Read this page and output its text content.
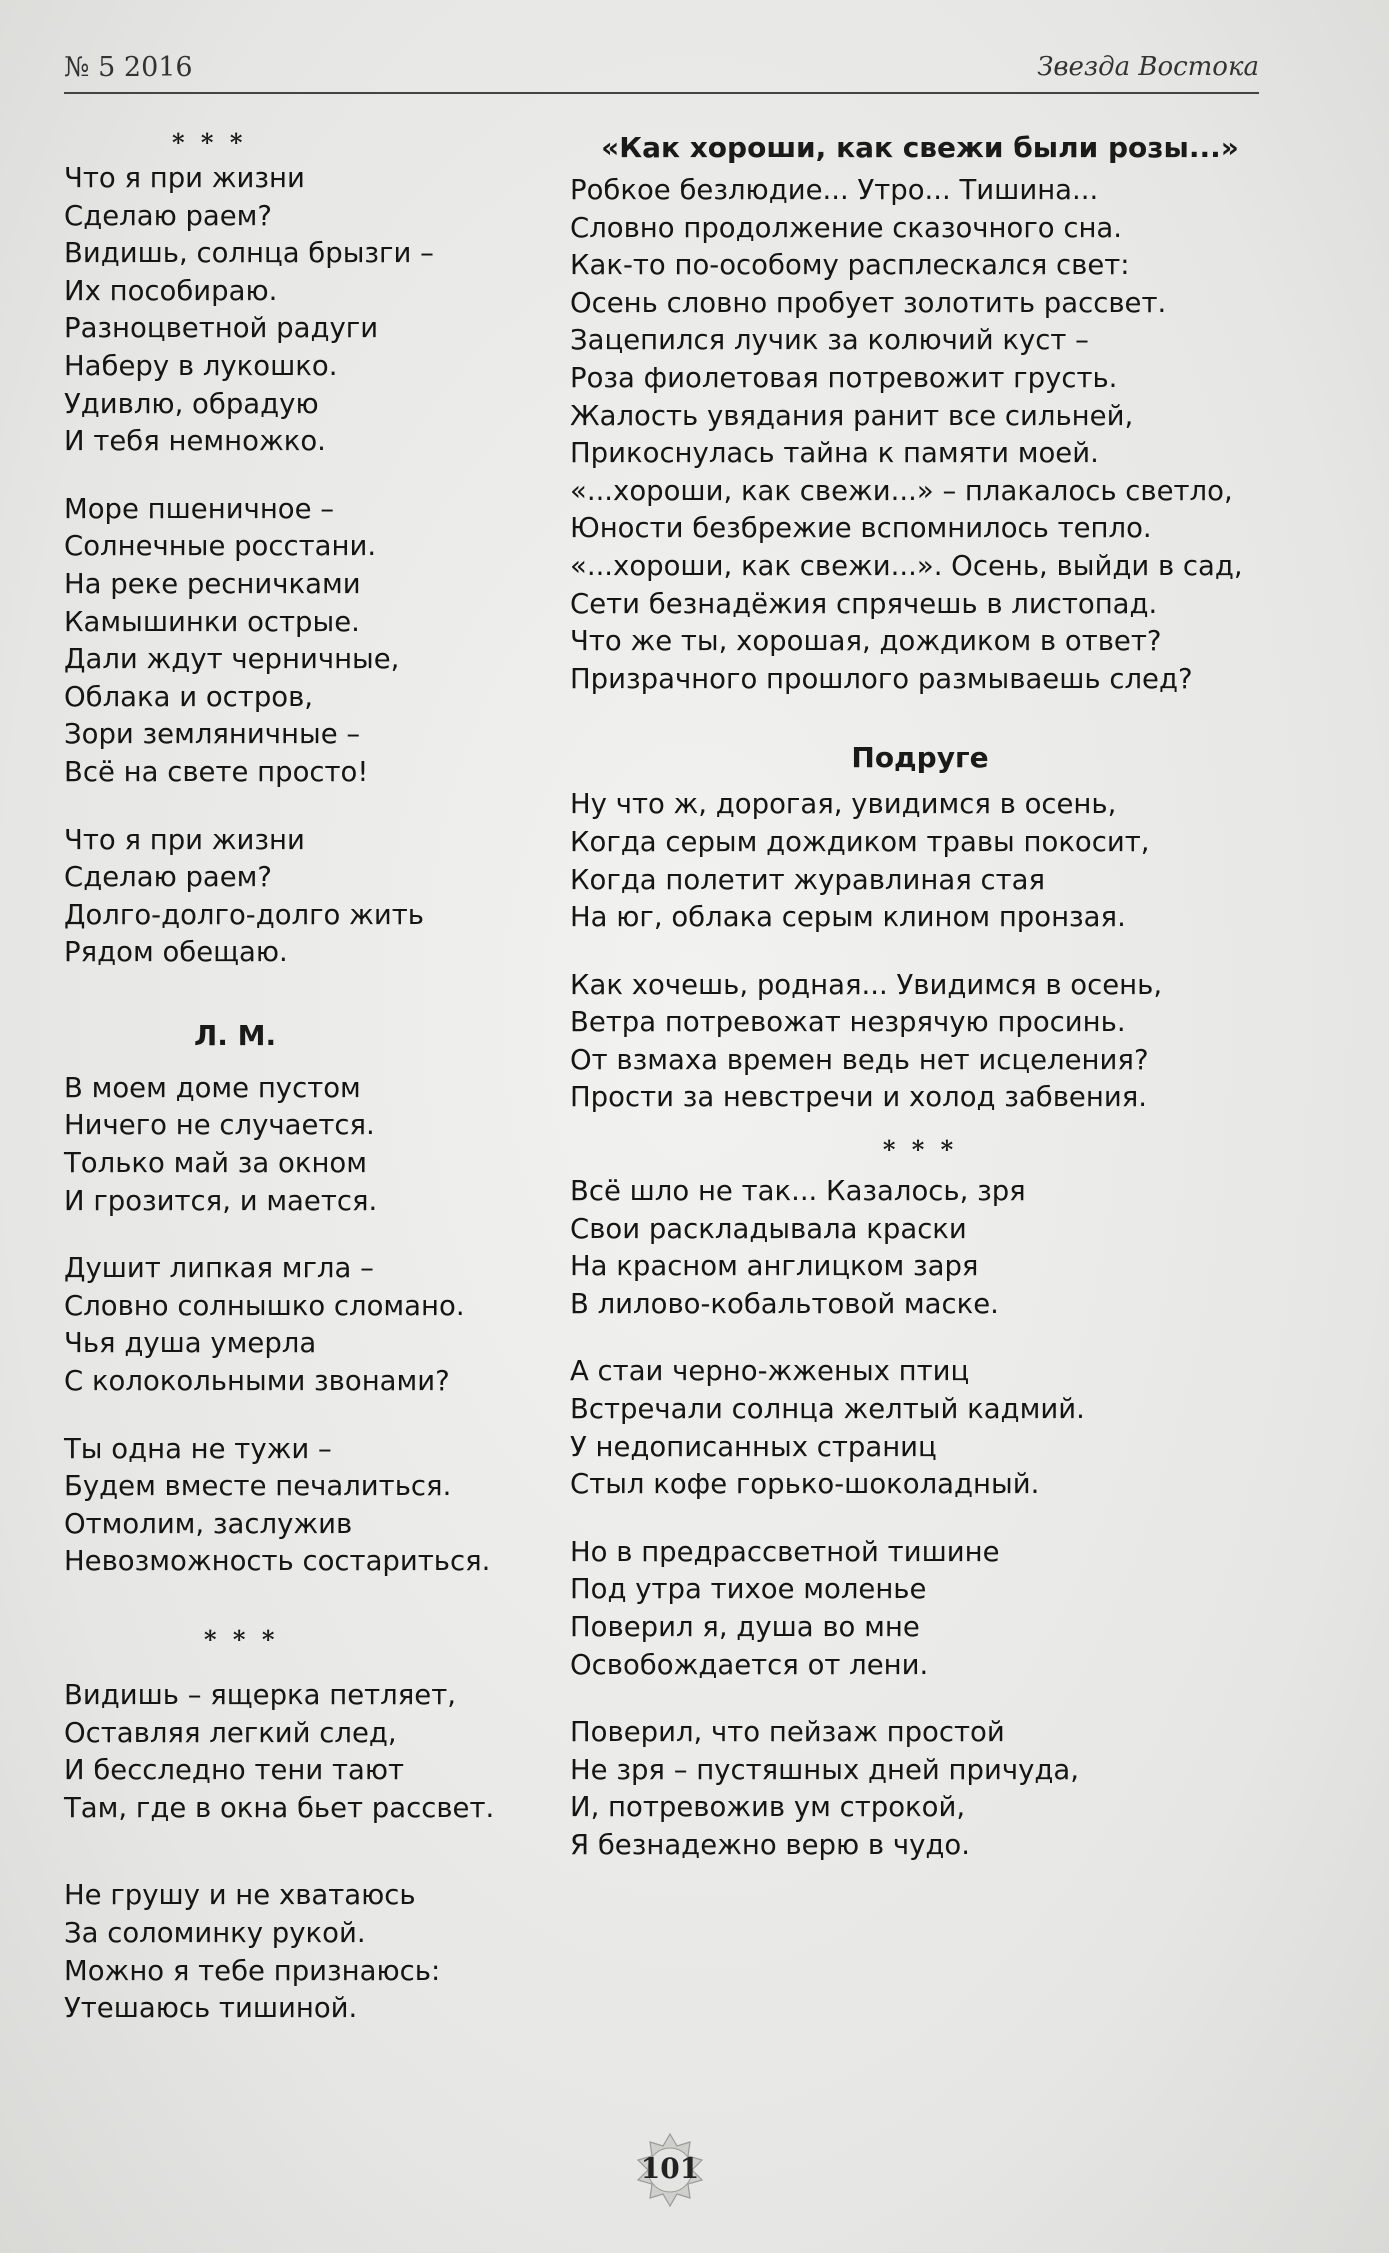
№ 5 2016	Звезда Востока
* * *
Что я при жизни
Сделаю раем?
Видишь, солнца брызги –
Их пособираю.
Разноцветной радуги
Наберу в лукошко.
Удивлю, обрадую
И тебя немножко.
Море пшеничное –
Солнечные росстани.
На реке ресничками
Камышинки острые.
Дали ждут черничные,
Облака и остров,
Зори земляничные –
Всё на свете просто!
Что я при жизни
Сделаю раем?
Долго-долго-долго жить
Рядом обещаю.
Л. М.
В моем доме пустом
Ничего не случается.
Только май за окном
И грозится, и мается.
Душит липкая мгла –
Словно солнышко сломано.
Чья душа умерла
С колокольными звонами?
Ты одна не тужи –
Будем вместе печалиться.
Отмолим, заслужив
Невозможность состариться.
* * *
Видишь – ящерка петляет,
Оставляя легкий след,
И бесследно тени тают
Там, где в окна бьет рассвет.
Не грушу и не хватаюсь
За соломинку рукой.
Можно я тебе признаюсь:
Утешаюсь тишиной.
«Как хороши, как свежи были розы...»
Робкое безлюдие... Утро... Тишина...
Словно продолжение сказочного сна.
Как-то по-особому расплескался свет:
Осень словно пробует золотить рассвет.
Зацепился лучик за колючий куст –
Роза фиолетовая потревожит грусть.
Жалость увядания ранит все сильней,
Прикоснулась тайна к памяти моей.
«...хороши, как свежи...» – плакалось светло,
Юности безбрежие вспомнилось тепло.
«...хороши, как свежи...». Осень, выйди в сад,
Сети безнадёжия спрячешь в листопад.
Что же ты, хорошая, дождиком в ответ?
Призрачного прошлого размываешь след?
Подруге
Ну что ж, дорогая, увидимся в осень,
Когда серым дождиком травы покосит,
Когда полетит журавлиная стая
На юг, облака серым клином пронзая.
Как хочешь, родная... Увидимся в осень,
Ветра потревожат незрячую просинь.
От взмаха времен ведь нет исцеления?
Прости за невстречи и холод забвения.
* * *
Всё шло не так... Казалось, зря
Свои раскладывала краски
На красном англицком заря
В лилово-кобальтовой маске.
А стаи черно-жженых птиц
Встречали солнца желтый кадмий.
У недописанных страниц
Стыл кофе горько-шоколадный.
Но в предрассветной тишине
Под утра тихое моленье
Поверил я, душа во мне
Освобождается от лени.
Поверил, что пейзаж простой
Не зря – пустяшных дней причуда,
И, потревожив ум строкой,
Я безнадежно верю в чудо.
101
